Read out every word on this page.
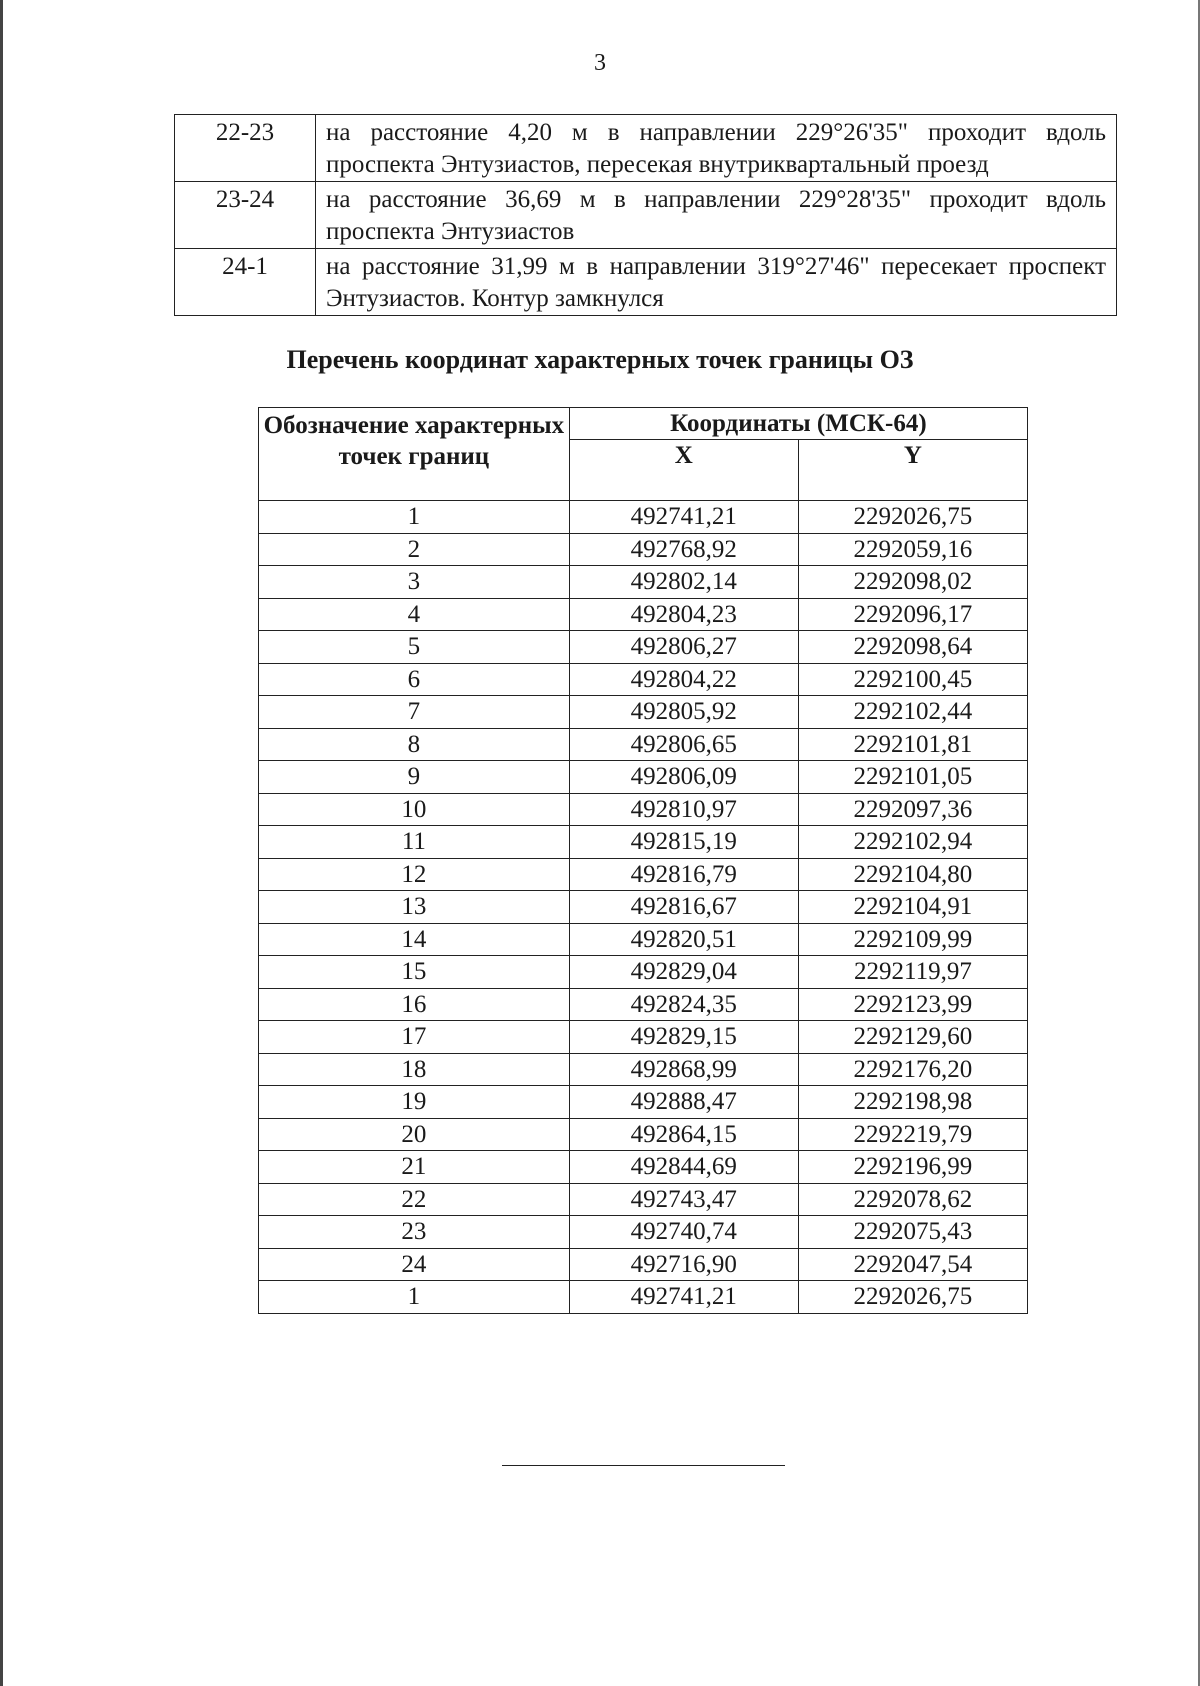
3
22-23	на расстояние 4,20 м в направлении 229°26'35" проходит вдоль проспекта Энтузиастов, пересекая внутриквартальный проезд
23-24	на расстояние 36,69 м в направлении 229°28'35" проходит вдоль проспекта Энтузиастов
24-1	на расстояние 31,99 м в направлении 319°27'46" пересекает проспект Энтузиастов. Контур замкнулся
Перечень координат характерных точек границы ОЗ
Обозначение характерных точек границ	Координаты (МСК-64)	
	X	Y
1	492741,21	2292026,75
2	492768,92	2292059,16
3	492802,14	2292098,02
4	492804,23	2292096,17
5	492806,27	2292098,64
6	492804,22	2292100,45
7	492805,92	2292102,44
8	492806,65	2292101,81
9	492806,09	2292101,05
10	492810,97	2292097,36
11	492815,19	2292102,94
12	492816,79	2292104,80
13	492816,67	2292104,91
14	492820,51	2292109,99
15	492829,04	2292119,97
16	492824,35	2292123,99
17	492829,15	2292129,60
18	492868,99	2292176,20
19	492888,47	2292198,98
20	492864,15	2292219,79
21	492844,69	2292196,99
22	492743,47	2292078,62
23	492740,74	2292075,43
24	492716,90	2292047,54
1	492741,21	2292026,75
